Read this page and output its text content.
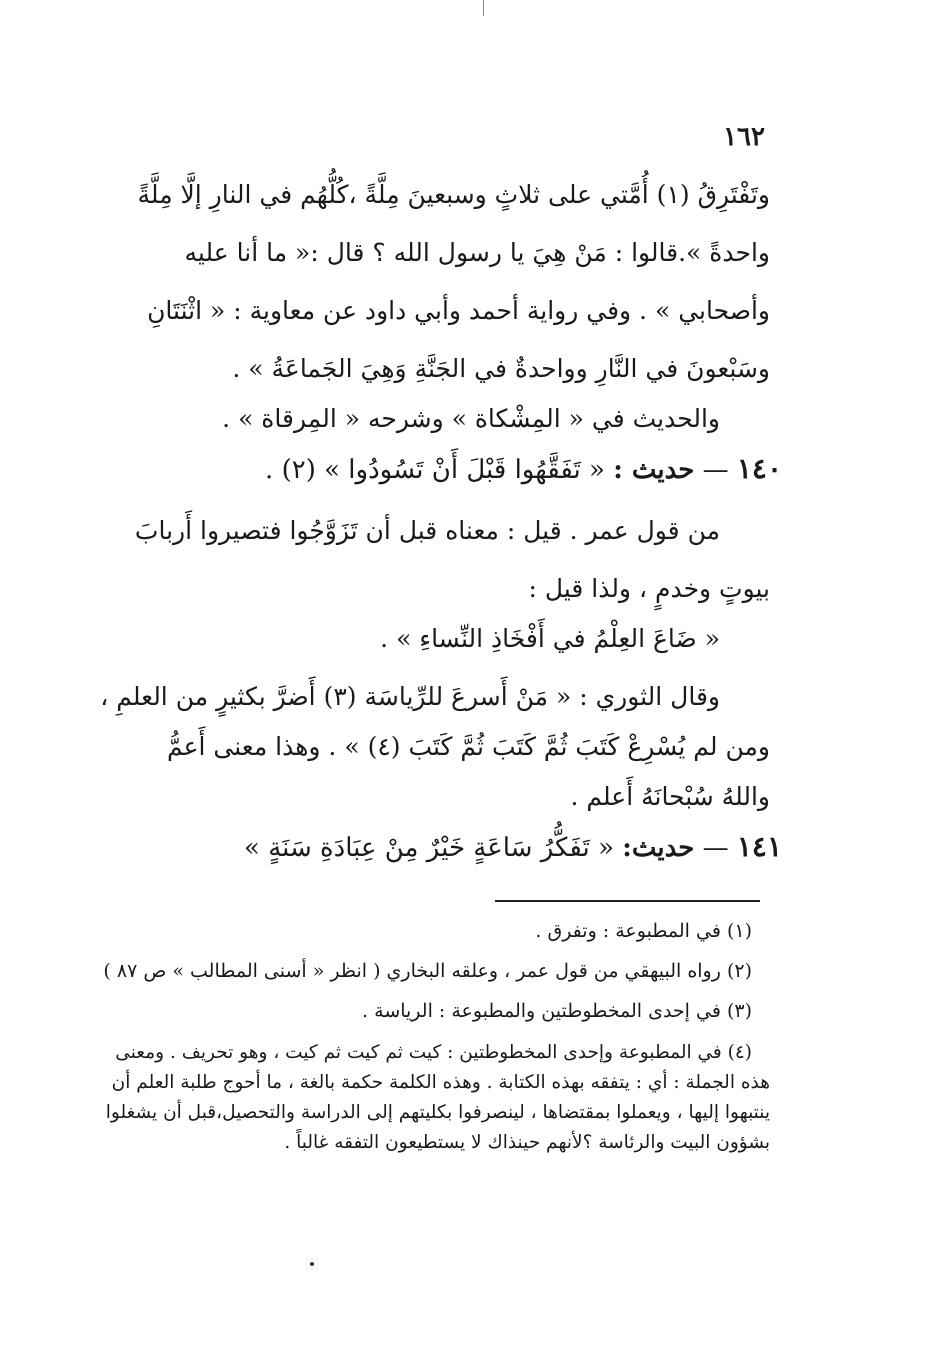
١٦٢
وتَفْتَرِقُ (١) أُمَّتي على ثلاثٍ وسبعينَ مِلَّةً ،كُلُّهُم في النارِ إلَّا مِلَّةً
واحدةً ».قالوا : مَنْ هِيَ يا رسول الله ؟ قال :« ما أنا عليه
وأصحابي » . وفي رواية أحمد وأبي داود عن معاوية : « اثْنَتَانِ
وسَبْعونَ في النَّارِ وواحدةٌ في الجَنَّةِ وَهِيَ الجَماعَةُ » .
والحديث في « المِشْكاة » وشرحه « المِرقاة » .
١٤٠ — حديث : « تَفَقَّهُوا قَبْلَ أَنْ تَسُودُوا » (٢) .
من قول عمر . قيل : معناه قبل أن تَزَوَّجُوا فتصيروا أَربابَ
بيوتٍ وخدمٍ ، ولذا قيل :
« ضَاعَ العِلْمُ في أَفْخَاذِ النِّساءِ » .
وقال الثوري : « مَنْ أَسرعَ للرِّياسَة (٣) أَضرَّ بكثيرٍ من العلمِ ،
ومن لم يُسْرِعْ كَتَبَ ثُمَّ كَتَبَ ثُمَّ كَتَبَ (٤) » . وهذا معنى أَعمُّ
واللهُ سُبْحانَهُ أَعلم .
١٤١ — حديث: « تَفَكُّرُ سَاعَةٍ خَيْرٌ مِنْ عِبَادَةِ سَنَةٍ »
(١) في المطبوعة : وتفرق .
(٢) رواه البيهقي من قول عمر ، وعلقه البخاري ( انظر « أسنى المطالب » ص ٨٧ )
(٣) في إحدى المخطوطتين والمطبوعة : الرياسة .
(٤) في المطبوعة وإحدى المخطوطتين : كيت ثم كيت ثم كيت ، وهو تحريف . ومعنى
هذه الجملة : أي : يتفقه بهذه الكتابة . وهذه الكلمة حكمة بالغة ، ما أحوج طلبة العلم أن
ينتبهوا إليها ، ويعملوا بمقتضاها ، لينصرفوا بكليتهم إلى الدراسة والتحصيل،قبل أن يشغلوا
بشؤون البيت والرئاسة ؟لأنهم حينذاك لا يستطيعون التفقه غالباً .
